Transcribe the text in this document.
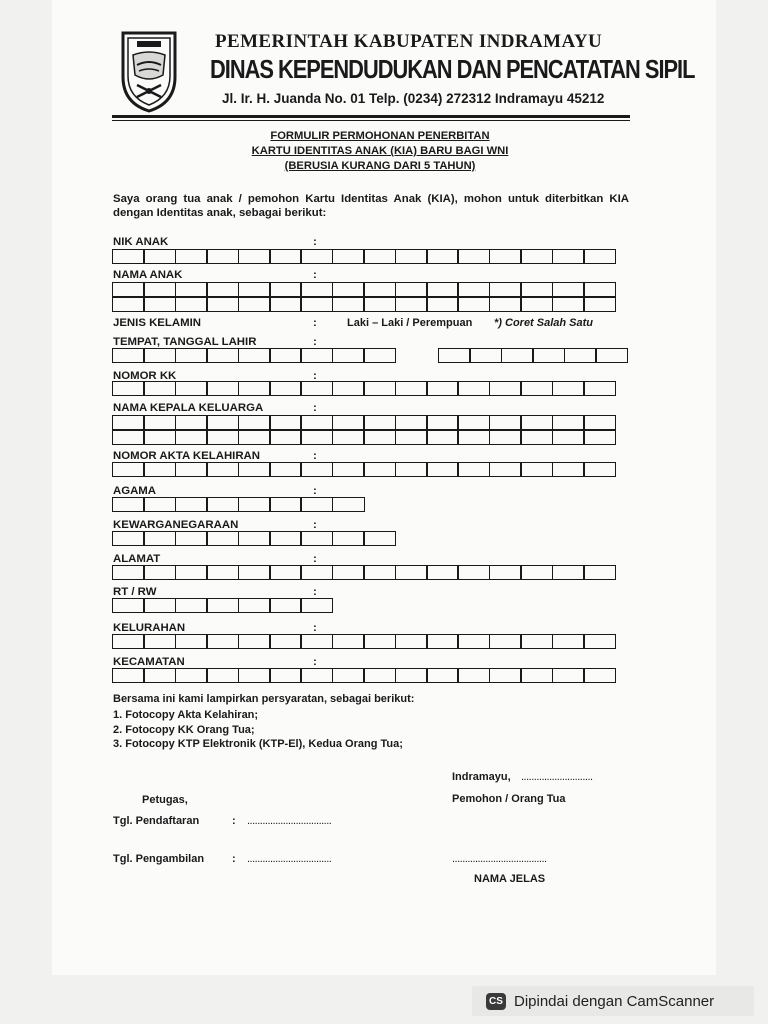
PEMERINTAH KABUPATEN INDRAMAYU
DINAS KEPENDUDUKAN DAN PENCATATAN SIPIL
Jl. Ir. H. Juanda No. 01 Telp. (0234) 272312 Indramayu 45212
FORMULIR PERMOHONAN PENERBITAN
KARTU IDENTITAS ANAK (KIA) BARU BAGI WNI
(BERUSIA KURANG DARI 5 TAHUN)
Saya orang tua anak / pemohon Kartu Identitas Anak (KIA), mohon untuk diterbitkan KIA dengan Identitas anak, sebagai berikut:
NIK ANAK	:
NAMA ANAK	:
JENIS KELAMIN	:	Laki – Laki / Perempuan *) Coret Salah Satu
TEMPAT, TANGGAL LAHIR	:
NOMOR KK	:
NAMA KEPALA KELUARGA	:
NOMOR AKTA KELAHIRAN	:
AGAMA	:
KEWARGANEGARAAN	:
ALAMAT	:
RT / RW	:
KELURAHAN	:
KECAMATAN	:
Bersama ini kami lampirkan persyaratan, sebagai berikut:
1. Fotocopy Akta Kelahiran;
2. Fotocopy KK Orang Tua;
3. Fotocopy KTP Elektronik (KTP-El), Kedua Orang Tua;
Indramayu, ............................
Pemohon / Orang Tua
Petugas,
Tgl. Pendaftaran	: .................................
Tgl. Pengambilan	: .................................	.....................................
NAMA JELAS
CS Dipindai dengan CamScanner
